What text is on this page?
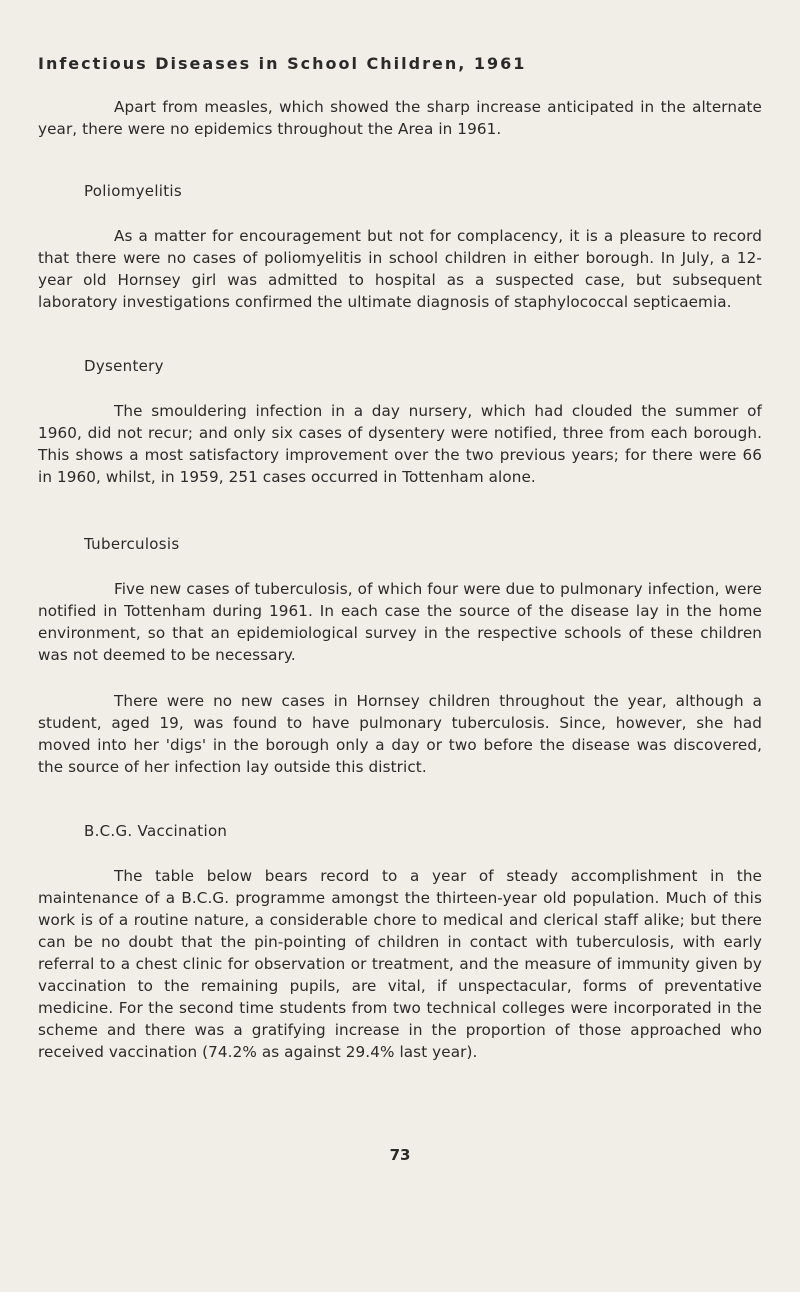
Infectious Diseases in School Children, 1961

Apart from measles, which showed the sharp increase anticipated in the alternate year, there were no epidemics throughout the Area in 1961.

Poliomyelitis

As a matter for encouragement but not for complacency, it is a pleasure to record that there were no cases of poliomyelitis in school children in either borough. In July, a 12-year old Hornsey girl was admitted to hospital as a suspected case, but subsequent laboratory investigations confirmed the ultimate diagnosis of staphylococcal septicaemia.

Dysentery

The smouldering infection in a day nursery, which had clouded the summer of 1960, did not recur; and only six cases of dysentery were notified, three from each borough. This shows a most satisfactory improvement over the two previous years; for there were 66 in 1960, whilst, in 1959, 251 cases occurred in Tottenham alone.

Tuberculosis

Five new cases of tuberculosis, of which four were due to pulmonary infection, were notified in Tottenham during 1961. In each case the source of the disease lay in the home environment, so that an epidemiological survey in the respective schools of these children was not deemed to be necessary.

There were no new cases in Hornsey children throughout the year, although a student, aged 19, was found to have pulmonary tuberculosis. Since, however, she had moved into her 'digs' in the borough only a day or two before the disease was discovered, the source of her infection lay outside this district.

B.C.G. Vaccination

The table below bears record to a year of steady accomplishment in the maintenance of a B.C.G. programme amongst the thirteen-year old population. Much of this work is of a routine nature, a considerable chore to medical and clerical staff alike; but there can be no doubt that the pin-pointing of children in contact with tuberculosis, with early referral to a chest clinic for observation or treatment, and the measure of immunity given by vaccination to the remaining pupils, are vital, if unspectacular, forms of preventative medicine. For the second time students from two technical colleges were incorporated in the scheme and there was a gratifying increase in the proportion of those approached who received vaccination (74.2% as against 29.4% last year).

73
